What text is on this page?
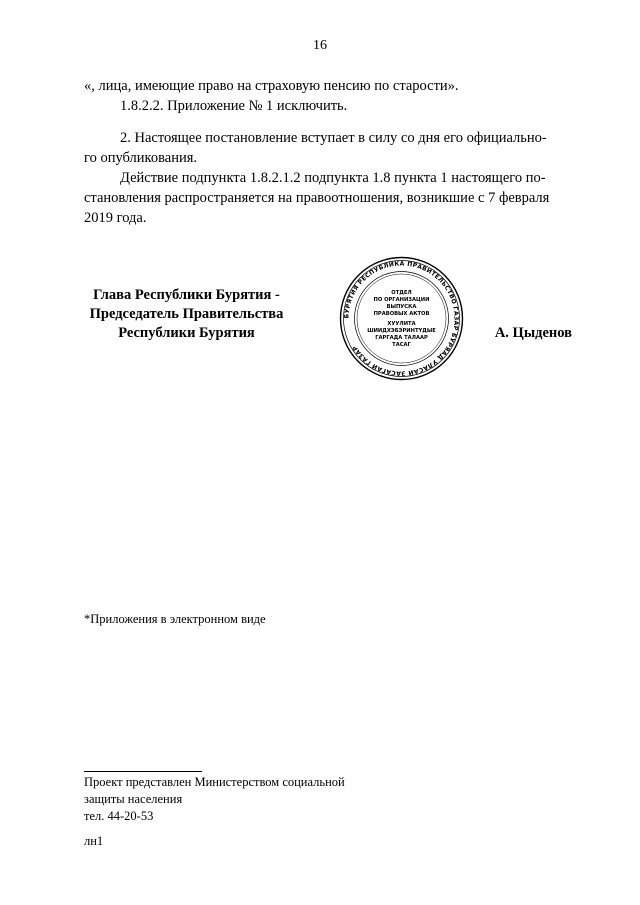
16

«, лица, имеющие право на страховую пенсию по старости».

1.8.2.2. Приложение № 1 исключить.

2. Настоящее постановление вступает в силу со дня его официально-

го опубликования.

Действие подпункта 1.8.2.1.2 подпункта 1.8 пункта 1 настоящего по-

становления распространяется на правоотношения, возникшие с 7 февраля

2019 года.

Глава Республики Бурятия -
Председатель Правительства
Республики Бурятия
БУРЯТИЯ РЕСПУБЛИКА ПРАВИТЕЛЬСТВО ГАЗАР БУРЯАД УЛАСАЙ ЗАСАГАЙ ГАЗАР
ОТДЕЛ
ПО ОРГАНИЗАЦИИ
ВЫПУСКА
ПРАВОВЫХ АКТОВ
ХУУЛИТА
ШИИДХЭБЭРИНТҮДЫЕ
ГАРГАДА ТАЛААР
ТАСАГ
А. Цыденов
*Приложения в электронном виде
Проект представлен Министерством социальной
защиты населения
тел. 44-20-53
лн1
